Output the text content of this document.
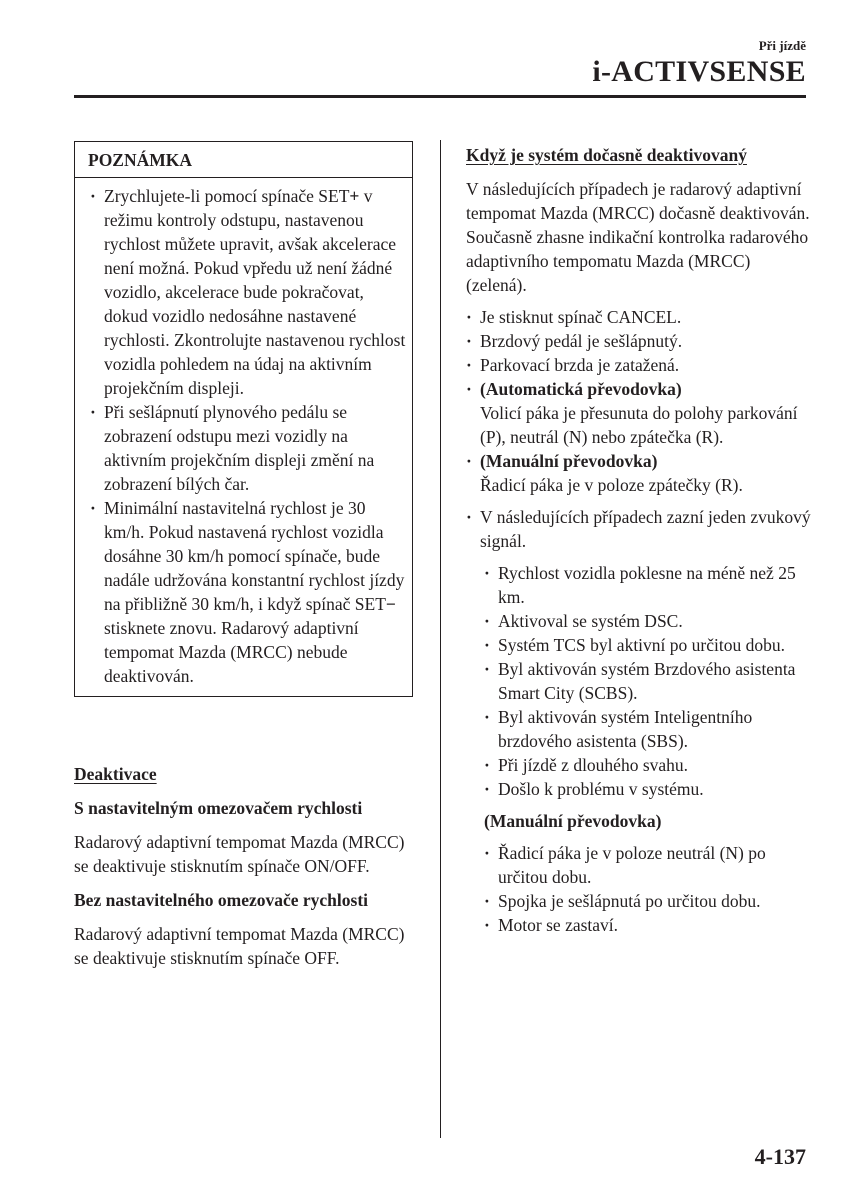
Při jízdě
i-ACTIVSENSE
POZNÁMKA
· Zrychlujete-li pomocí spínače SET+ v režimu kontroly odstupu, nastavenou rychlost můžete upravit, avšak akcelerace není možná. Pokud vpředu už není žádné vozidlo, akcelerace bude pokračovat, dokud vozidlo nedosáhne nastavené rychlosti. Zkontrolujte nastavenou rychlost vozidla pohledem na údaj na aktivním projekčním displeji.
· Při sešlápnutí plynového pedálu se zobrazení odstupu mezi vozidly na aktivním projekčním displeji změní na zobrazení bílých čar.
· Minimální nastavitelná rychlost je 30 km/h. Pokud nastavená rychlost vozidla dosáhne 30 km/h pomocí spínače, bude nadále udržována konstantní rychlost jízdy na přibližně 30 km/h, i když spínač SET− stisknete znovu. Radarový adaptivní tempomat Mazda (MRCC) nebude deaktivován.
Deaktivace
S nastavitelným omezovačem rychlosti

Radarový adaptivní tempomat Mazda (MRCC) se deaktivuje stisknutím spínače ON/OFF.

Bez nastavitelného omezovače rychlosti

Radarový adaptivní tempomat Mazda (MRCC) se deaktivuje stisknutím spínače OFF.

Když je systém dočasně deaktivovaný

V následujících případech je radarový adaptivní tempomat Mazda (MRCC) dočasně deaktivován. Současně zhasne indikační kontrolka radarového adaptivního tempomatu Mazda (MRCC) (zelená).

· Je stisknut spínač CANCEL.
· Brzdový pedál je sešlápnutý.
· Parkovací brzda je zatažená.
· (Automatická převodovka)
Volicí páka je přesunuta do polohy parkování (P), neutrál (N) nebo zpátečka (R).
· (Manuální převodovka)
Řadicí páka je v poloze zpátečky (R).
· V následujících případech zazní jeden zvukový signál.
· Rychlost vozidla poklesne na méně než 25 km.
· Aktivoval se systém DSC.
· Systém TCS byl aktivní po určitou dobu.
· Byl aktivován systém Brzdového asistenta Smart City (SCBS).
· Byl aktivován systém Inteligentního brzdového asistenta (SBS).
· Při jízdě z dlouhého svahu.
· Došlo k problému v systému.
(Manuální převodovka)
· Řadicí páka je v poloze neutrál (N) po určitou dobu.
· Spojka je sešlápnutá po určitou dobu.
· Motor se zastaví.
4-137
